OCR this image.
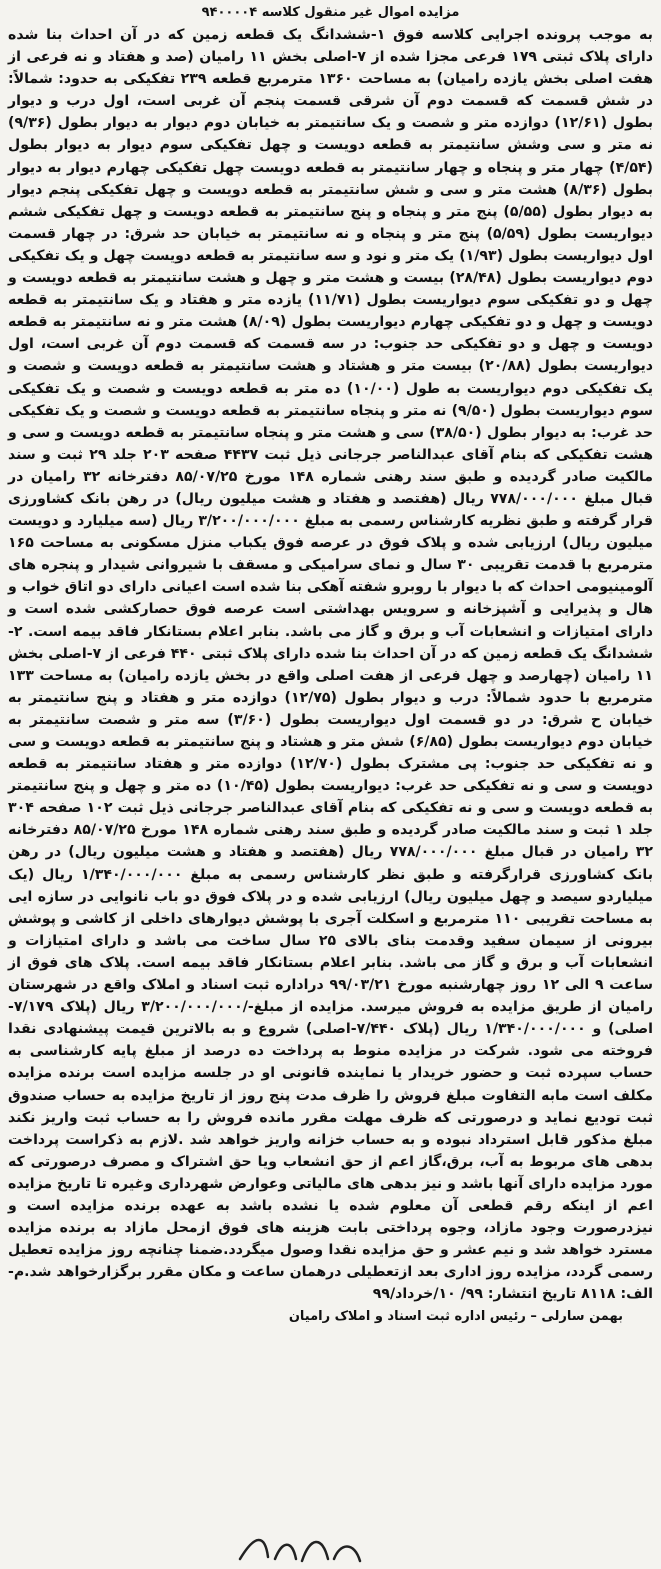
مزایده اموال غیر منقول کلاسه ۹۴۰۰۰۰۴

به موجب پرونده اجرایی کلاسه فوق ۱-ششدانگ یک قطعه زمین که در آن احداث بنا شده دارای پلاک ثبتی ۱۷۹ فرعی مجزا شده از ۷-اصلی بخش ۱۱ رامیان (صد و هفتاد و نه فرعی از هفت اصلی بخش یازده رامیان) به مساحت ۱۳۶۰ مترمربع قطعه ۲۳۹ تفکیکی به حدود: شمالاً: در شش قسمت که قسمت دوم آن شرقی قسمت پنجم آن غربی است، اول درب و دیوار بطول (۱۲/۶۱) دوازده متر و شصت و یک سانتیمتر به خیابان دوم دیوار به دیوار بطول (۹/۳۶) نه متر و سی وشش سانتیمتر به قطعه دویست و چهل تفکیکی سوم دیوار به دیوار بطول (۴/۵۴) چهار متر و پنجاه و چهار سانتیمتر به قطعه دویست چهل تفکیکی چهارم دیوار به دیوار بطول (۸/۳۶) هشت متر و سی و شش سانتیمتر به قطعه دویست و چهل تفکیکی پنجم دیوار به دیوار بطول (۵/۵۵) پنج متر و پنجاه و پنج سانتیمتر به قطعه دویست و چهل تفکیکی ششم دیواریست بطول (۵/۵۹) پنج متر و پنجاه و نه سانتیمتر به خیابان حد شرق: در چهار قسمت اول دیواریست بطول (۱/۹۳) یک متر و نود و سه سانتیمتر به قطعه دویست چهل و یک تفکیکی دوم دیواریست بطول (۲۸/۴۸) بیست و هشت متر و چهل و هشت سانتیمتر به قطعه دویست و چهل و دو تفکیکی سوم دیواریست بطول (۱۱/۷۱) یازده متر و هفتاد و یک سانتیمتر به قطعه دویست و چهل و دو تفکیکی چهارم دیواریست بطول (۸/۰۹) هشت متر و نه سانتیمتر به قطعه دویست و چهل و دو تفکیکی حد جنوب: در سه قسمت که قسمت دوم آن غربی است، اول دیواریست بطول (۲۰/۸۸) بیست متر و هشتاد و هشت سانتیمتر به قطعه دویست و شصت و یک تفکیکی دوم دیواریست به طول (۱۰/۰۰) ده متر به قطعه دویست و شصت و یک تفکیکی سوم دیواریست بطول (۹/۵۰) نه متر و پنجاه سانتیمتر به قطعه دویست و شصت و یک تفکیکی حد غرب: به دیوار بطول (۳۸/۵۰) سی و هشت متر و پنجاه سانتیمتر به قطعه دویست و سی و هشت تفکیکی که بنام آقای عبدالناصر جرجانی ذیل ثبت ۴۴۳۷ صفحه ۲۰۳ جلد ۲۹ ثبت و سند مالکیت صادر گردیده و طبق سند رهنی شماره ۱۴۸ مورخ ۸۵/۰۷/۲۵ دفترخانه ۳۲ رامیان در قبال مبلغ ۷۷۸/۰۰۰/۰۰۰ ریال (هفتصد و هفتاد و هشت میلیون ریال) در رهن بانک کشاورزی قرار گرفته و طبق نظریه کارشناس رسمی به مبلغ ۳/۲۰۰/۰۰۰/۰۰۰ ریال (سه میلیارد و دویست میلیون ریال) ارزیابی شده و پلاک فوق در عرصه فوق یکباب منزل مسکونی به مساحت ۱۶۵ مترمربع با قدمت تقریبی ۳۰ سال و نمای سرامیکی و مسقف با شیروانی شیدار و پنجره های آلومینیومی احداث که با دیوار با روبرو شفته آهکی بنا شده است اعیانی دارای دو اتاق خواب و هال و پذیرایی و آشپزخانه و سرویس بهداشتی است عرصه فوق حصارکشی شده است و دارای امتیازات و انشعابات آب و برق و گاز می باشد. بنابر اعلام بستانکار فاقد بیمه است. ۲-ششدانگ یک قطعه زمین که در آن احداث بنا شده دارای پلاک ثبتی ۴۴۰ فرعی از ۷-اصلی بخش ۱۱ رامیان (چهارصد و چهل فرعی از هفت اصلی واقع در بخش یازده رامیان) به مساحت ۱۳۳ مترمربع با حدود شمالاً: درب و دیوار بطول (۱۲/۷۵) دوازده متر و هفتاد و پنج سانتیمتر به خیابان ح شرق: در دو قسمت اول دیواریست بطول (۳/۶۰) سه متر و شصت سانتیمتر به خیابان دوم دیواریست بطول (۶/۸۵) شش متر و هشتاد و پنج سانتیمتر به قطعه دویست و سی و نه تفکیکی حد جنوب: پی مشترک بطول (۱۲/۷۰) دوازده متر و هفتاد سانتیمتر به قطعه دویست و سی و نه تفکیکی حد غرب: دیواریست بطول (۱۰/۴۵) ده متر و چهل و پنج سانتیمتر به قطعه دویست و سی و نه تفکیکی که بنام آقای عبدالناصر جرجانی ذیل ثبت ۱۰۲ صفحه ۳۰۴ جلد ۱ ثبت و سند مالکیت صادر گردیده و طبق سند رهنی شماره ۱۴۸ مورخ ۸۵/۰۷/۲۵ دفترخانه ۳۲ رامیان در قبال مبلغ ۷۷۸/۰۰۰/۰۰۰ ریال (هفتصد و هفتاد و هشت میلیون ریال) در رهن بانک کشاورزی قرارگرفته و طبق نظر کارشناس رسمی به مبلغ ۱/۳۴۰/۰۰۰/۰۰۰ ریال (یک میلیاردو سیصد و چهل میلیون ریال) ارزیابی شده و در پلاک فوق دو باب نانوایی در سازه ایی به مساحت تقریبی ۱۱۰ مترمربع و اسکلت آجری با پوشش دیوارهای داخلی از کاشی و پوشش بیرونی از سیمان سفید وقدمت بنای بالای ۲۵ سال ساخت می باشد و دارای امتیازات و انشعابات آب و برق و گاز می باشد. بنابر اعلام بستانکار فاقد بیمه است. پلاک های فوق از ساعت ۹ الی ۱۲ روز چهارشنبه مورخ ۹۹/۰۳/۲۱ دراداره ثبت اسناد و املاک واقع در شهرستان رامیان از طریق مزایده به فروش میرسد. مزایده از مبلغ-/۳/۲۰۰/۰۰۰/۰۰۰ ریال (پلاک ۷/۱۷۹-اصلی) و ۱/۳۴۰/۰۰۰/۰۰۰ ریال (پلاک ۷/۴۴۰-اصلی) شروع و به بالاترین قیمت پیشنهادی نقدا فروخته می شود. شرکت در مزایده منوط به پرداخت ده درصد از مبلغ پایه کارشناسی به حساب سپرده ثبت و حضور خریدار یا نماینده قانونی او در جلسه مزایده است برنده مزایده مکلف است مابه التفاوت مبلغ فروش را ظرف مدت پنج روز از تاریخ مزایده به حساب صندوق ثبت تودیع نماید و درصورتی که ظرف مهلت مقرر مانده فروش را به حساب ثبت واریز نکند مبلغ مذکور قابل استرداد نبوده و به حساب خزانه واریز خواهد شد .لازم به ذکراست پرداخت بدهی های مربوط به آب، برق،گاز اعم از حق انشعاب ویا حق اشتراک و مصرف درصورتی که مورد مزایده دارای آنها باشد و نیز بدهی های مالیاتی وعوارض شهرداری وغیره تا تاریخ مزایده اعم از اینکه رقم قطعی آن معلوم شده یا نشده باشد به عهده برنده مزایده است و نیزدرصورت وجود مازاد، وجوه پرداختی بابت هزینه های فوق ازمحل مازاد به برنده مزایده مسترد خواهد شد و نیم عشر و حق مزایده نقدا وصول میگردد.ضمنا چنانچه روز مزایده تعطیل رسمی گردد، مزایده روز اداری بعد ازتعطیلی درهمان ساعت و مکان مقرر برگزارخواهد شد.م-الف: ۸۱۱۸ تاریخ انتشار: ۹۹/ ۱۰/خرداد/۹۹

بهمن سارلی – رئیس اداره ثبت اسناد و املاک رامیان
